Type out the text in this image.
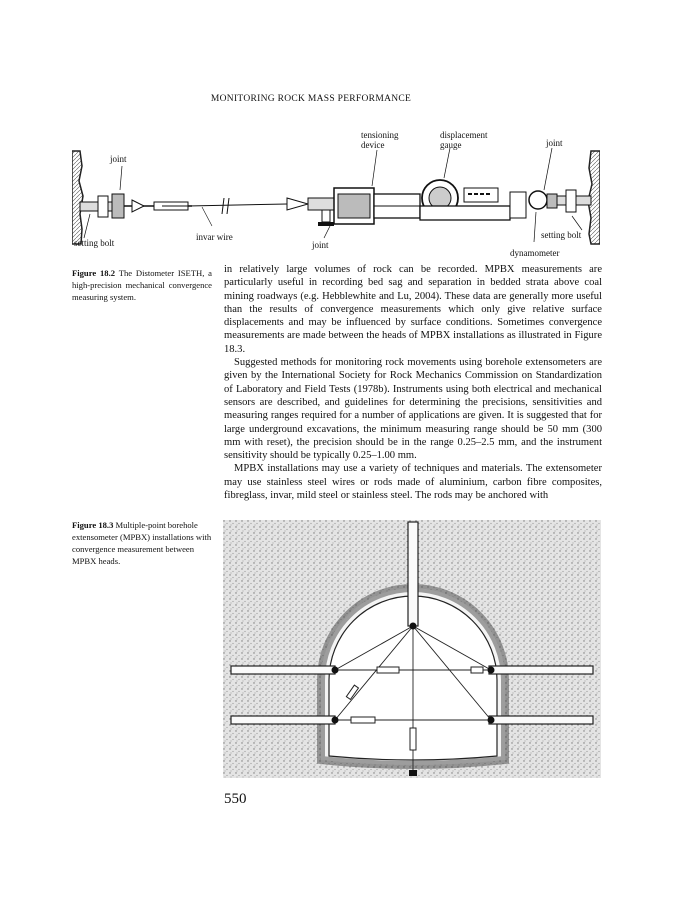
MONITORING ROCK MASS PERFORMANCE
tensioning
device
displacement
gauge	joint
joint
setting bolt
invar wire
joint
setting bolt
dynamometer
Figure 18.2 The Distometer ISETH, a high-precision mechanical convergence measuring system.

in relatively large volumes of rock can be recorded. MPBX measurements are particularly useful in recording bed sag and separation in bedded strata above coal mining roadways (e.g. Hebblewhite and Lu, 2004). These data are generally more useful than the results of convergence measurements which only give relative surface displacements and may be influenced by surface conditions. Sometimes convergence measurements are made between the heads of MPBX installations as illustrated in Figure 18.3.

Suggested methods for monitoring rock movements using borehole extensometers are given by the International Society for Rock Mechanics Commission on Standardization of Laboratory and Field Tests (1978b). Instruments using both electrical and mechanical sensors are described, and guidelines for determining the precisions, sensitivities and measuring ranges required for a number of applications are given. It is suggested that for large underground excavations, the minimum measuring range should be 50 mm (300 mm with reset), the precision should be in the range 0.25–2.5 mm, and the instrument sensitivity should be typically 0.25–1.00 mm.

MPBX installations may use a variety of techniques and materials. The extensometer may use stainless steel wires or rods made of aluminium, carbon fibre composites, fibreglass, invar, mild steel or stainless steel. The rods may be anchored with

Figure 18.3 Multiple-point borehole extensometer (MPBX) installations with convergence measurement between MPBX heads.
550
